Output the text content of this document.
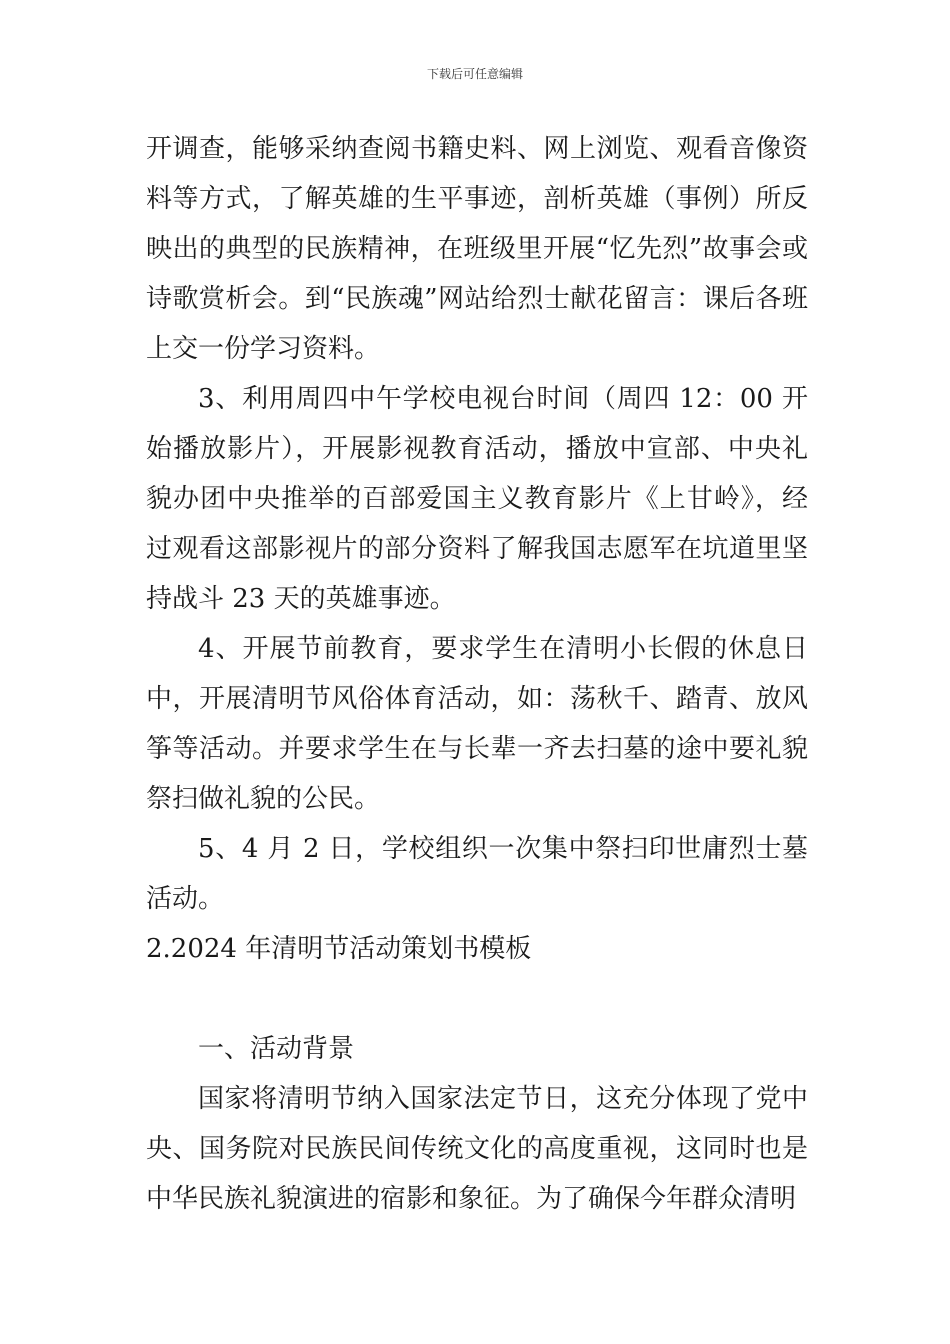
下载后可任意编辑

开调查，能够采纳查阅书籍史料、网上浏览、观看音像资料等方式，了解英雄的生平事迹，剖析英雄（事例）所反映出的典型的民族精神，在班级里开展“忆先烈”故事会或诗歌赏析会。到“民族魂”网站给烈士献花留言：课后各班上交一份学习资料。

3、利用周四中午学校电视台时间（周四 12：00 开始播放影片），开展影视教育活动，播放中宣部、中央礼貌办团中央推举的百部爱国主义教育影片《上甘岭》，经过观看这部影视片的部分资料了解我国志愿军在坑道里坚持战斗 23 天的英雄事迹。

4、开展节前教育，要求学生在清明小长假的休息日中，开展清明节风俗体育活动，如：荡秋千、踏青、放风筝等活动。并要求学生在与长辈一齐去扫墓的途中要礼貌祭扫做礼貌的公民。

5、4 月 2 日，学校组织一次集中祭扫印世庸烈士墓活动。

2.2024 年清明节活动策划书模板

一、活动背景

国家将清明节纳入国家法定节日，这充分体现了党中央、国务院对民族民间传统文化的高度重视，这同时也是中华民族礼貌演进的宿影和象征。为了确保今年群众清明
